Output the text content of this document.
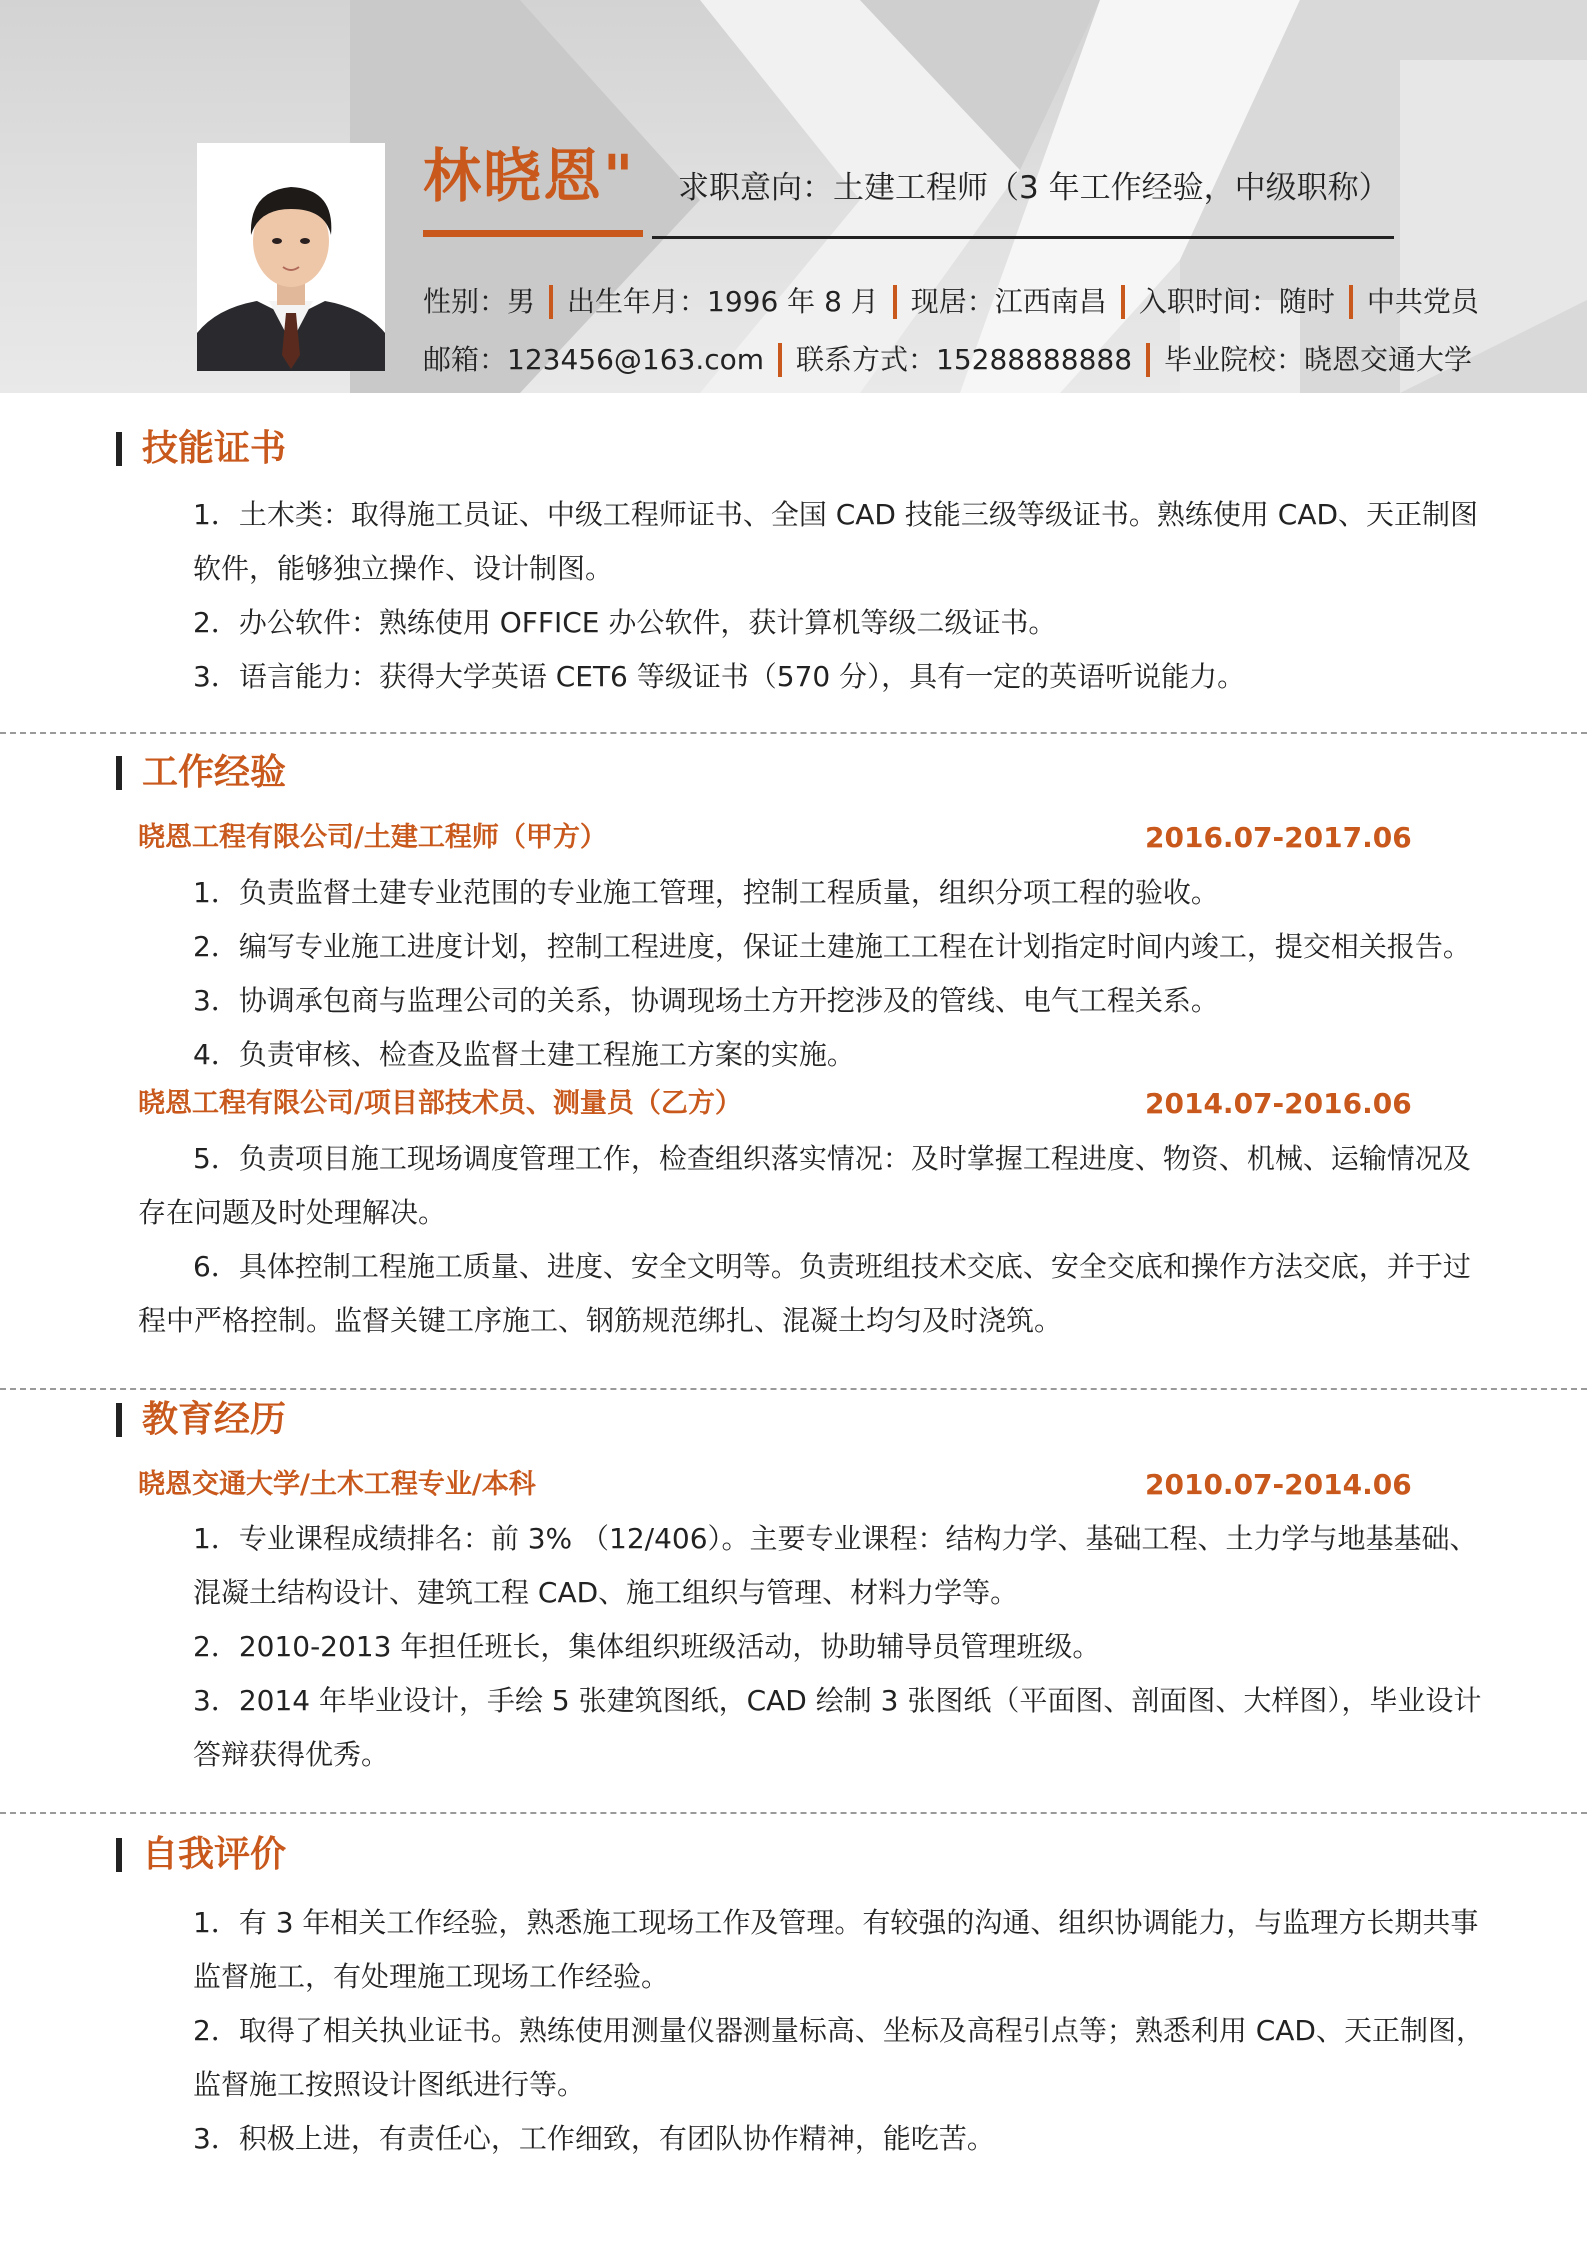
林晓恩" 求职意向：土建工程师（3 年工作经验，中级职称）
性别：男 出生年月：1996 年 8 月 现居：江西南昌 入职时间：随时 中共党员
邮箱：123456@163.com 联系方式：15288888888 毕业院校：晓恩交通大学
技能证书
1．土木类：取得施工员证、中级工程师证书、全国 CAD 技能三级等级证书。熟练使用 CAD、天正制图软件，能够独立操作、设计制图。
2．办公软件：熟练使用 OFFICE 办公软件，获计算机等级二级证书。
3．语言能力：获得大学英语 CET6 等级证书（570 分），具有一定的英语听说能力。
工作经验
晓恩工程有限公司/土建工程师（甲方）	2016.07-2017.06
1．负责监督土建专业范围的专业施工管理，控制工程质量，组织分项工程的验收。
2．编写专业施工进度计划，控制工程进度，保证土建施工工程在计划指定时间内竣工，提交相关报告。
3．协调承包商与监理公司的关系，协调现场土方开挖涉及的管线、电气工程关系。
4．负责审核、检查及监督土建工程施工方案的实施。
晓恩工程有限公司/项目部技术员、测量员（乙方）	2014.07-2016.06
5．负责项目施工现场调度管理工作，检查组织落实情况：及时掌握工程进度、物资、机械、运输情况及存在问题及时处理解决。
6．具体控制工程施工质量、进度、安全文明等。负责班组技术交底、安全交底和操作方法交底，并于过程中严格控制。监督关键工序施工、钢筋规范绑扎、混凝土均匀及时浇筑。
教育经历
晓恩交通大学/土木工程专业/本科	2010.07-2014.06
1．专业课程成绩排名：前 3% （12/406）。主要专业课程：结构力学、基础工程、土力学与地基基础、混凝土结构设计、建筑工程 CAD、施工组织与管理、材料力学等。
2．2010-2013 年担任班长，集体组织班级活动，协助辅导员管理班级。
3．2014 年毕业设计，手绘 5 张建筑图纸，CAD 绘制 3 张图纸（平面图、剖面图、大样图），毕业设计答辩获得优秀。
自我评价
1．有 3 年相关工作经验，熟悉施工现场工作及管理。有较强的沟通、组织协调能力，与监理方长期共事监督施工，有处理施工现场工作经验。
2．取得了相关执业证书。熟练使用测量仪器测量标高、坐标及高程引点等；熟悉利用 CAD、天正制图，监督施工按照设计图纸进行等。
3．积极上进，有责任心，工作细致，有团队协作精神，能吃苦。
